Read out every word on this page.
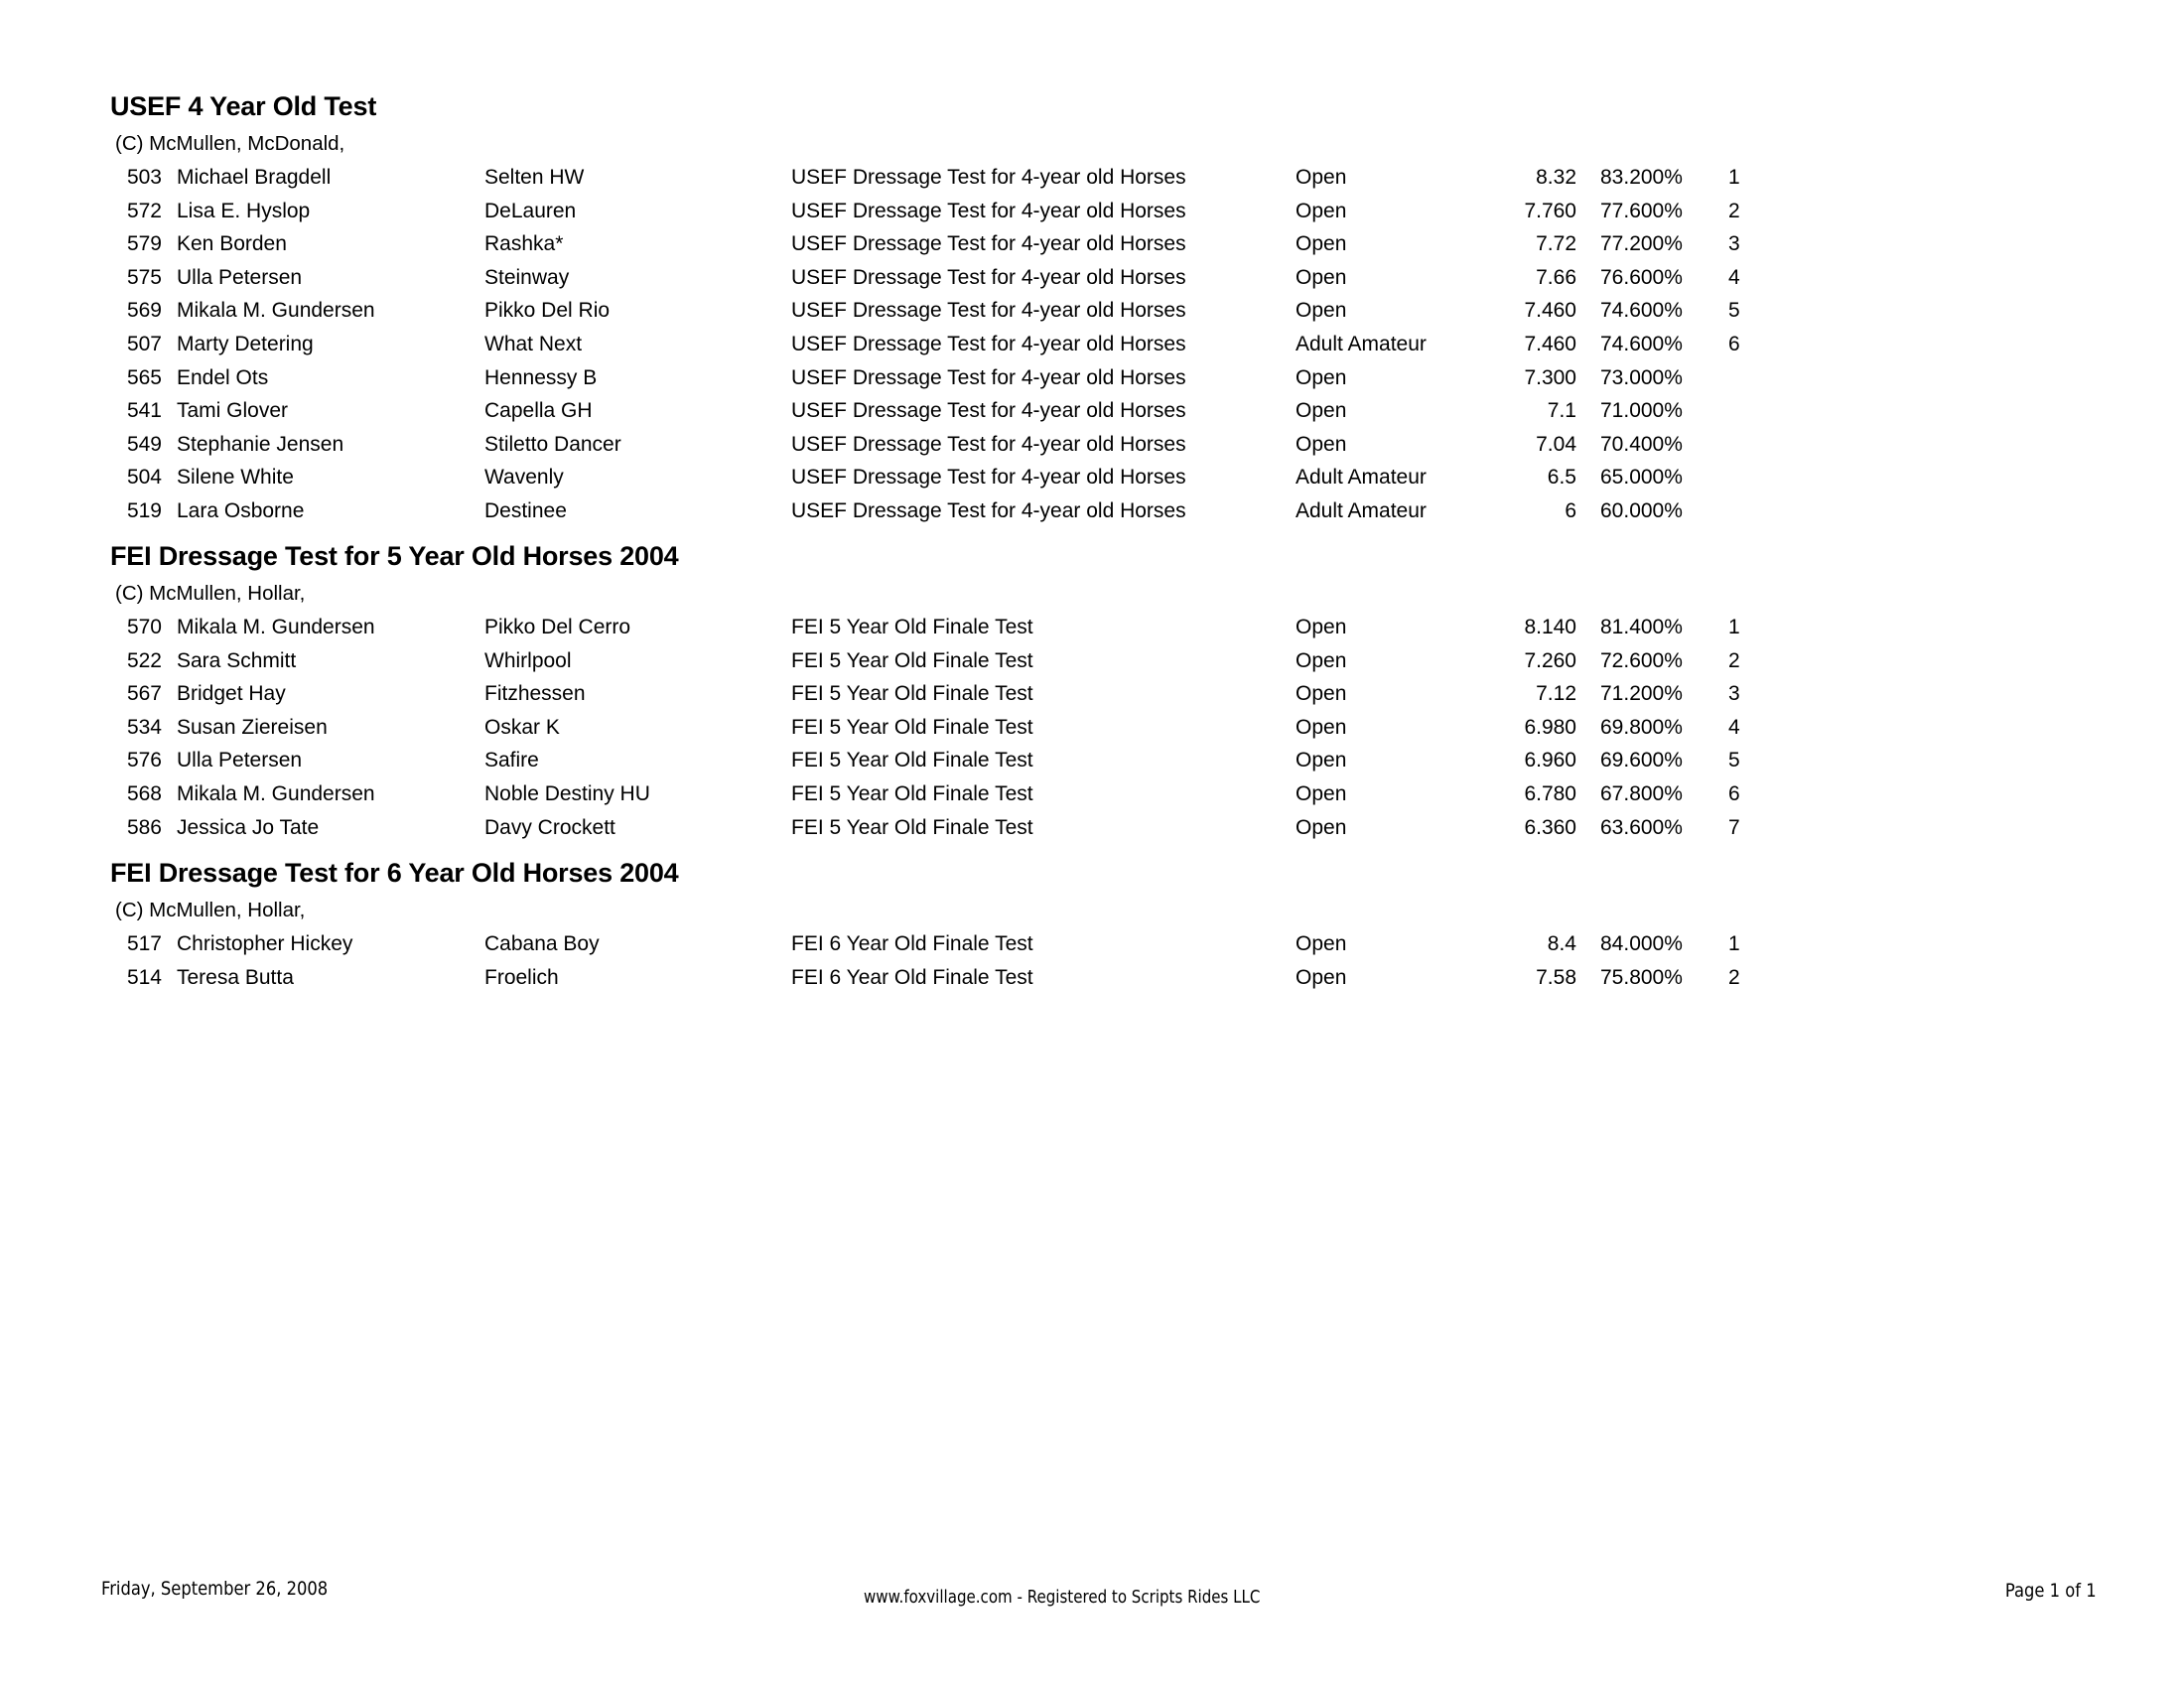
USEF 4 Year Old Test
(C) McMullen, McDonald,
503 Michael Bragdell	Selten HW	USEF Dressage Test for 4-year old Horses	Open	8.32 83.200% 1
572 Lisa E. Hyslop	DeLauren	USEF Dressage Test for 4-year old Horses	Open	7.760 77.600% 2
579 Ken Borden	Rashka*	USEF Dressage Test for 4-year old Horses	Open	7.72 77.200% 3
575 Ulla Petersen	Steinway	USEF Dressage Test for 4-year old Horses	Open	7.66 76.600% 4
569 Mikala M. Gundersen	Pikko Del Rio	USEF Dressage Test for 4-year old Horses	Open	7.460 74.600% 5
507 Marty Detering	What Next	USEF Dressage Test for 4-year old Horses	Adult Amateur	7.460 74.600% 6
565 Endel Ots	Hennessy B	USEF Dressage Test for 4-year old Horses	Open	7.300 73.000%
541 Tami Glover	Capella GH	USEF Dressage Test for 4-year old Horses	Open	7.1 71.000%
549 Stephanie Jensen	Stiletto Dancer	USEF Dressage Test for 4-year old Horses	Open	7.04 70.400%
504 Silene White	Wavenly	USEF Dressage Test for 4-year old Horses	Adult Amateur	6.5 65.000%
519 Lara Osborne	Destinee	USEF Dressage Test for 4-year old Horses	Adult Amateur	6 60.000%
FEI Dressage Test for 5 Year Old Horses 2004
(C) McMullen, Hollar,
570 Mikala M. Gundersen	Pikko Del Cerro	FEI 5 Year Old Finale Test	Open	8.140 81.400% 1
522 Sara Schmitt	Whirlpool	FEI 5 Year Old Finale Test	Open	7.260 72.600% 2
567 Bridget Hay	Fitzhessen	FEI 5 Year Old Finale Test	Open	7.12 71.200% 3
534 Susan Ziereisen	Oskar K	FEI 5 Year Old Finale Test	Open	6.980 69.800% 4
576 Ulla Petersen	Safire	FEI 5 Year Old Finale Test	Open	6.960 69.600% 5
568 Mikala M. Gundersen	Noble Destiny HU	FEI 5 Year Old Finale Test	Open	6.780 67.800% 6
586 Jessica Jo Tate	Davy Crockett	FEI 5 Year Old Finale Test	Open	6.360 63.600% 7
FEI Dressage Test for 6 Year Old Horses 2004
(C) McMullen, Hollar,
517 Christopher Hickey	Cabana Boy	FEI 6 Year Old Finale Test	Open	8.4 84.000% 1
514 Teresa Butta	Froelich	FEI 6 Year Old Finale Test	Open	7.58 75.800% 2
Friday, September 26, 2008	www.foxvillage.com - Registered to Scripts Rides LLC	Page 1 of 1
